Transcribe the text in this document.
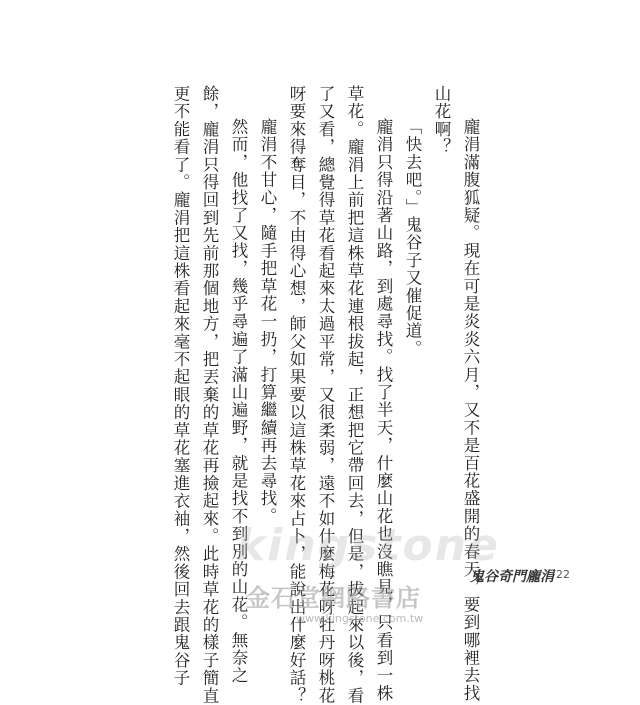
龐涓滿腹狐疑。現在可是炎炎六月，又不是百花盛開的春天，要到哪裡去找

山花啊？

「快去吧。」鬼谷子又催促道。

龐涓只得沿著山路，到處尋找。找了半天，什麼山花也沒瞧見，只看到一株

草花。龐涓上前把這株草花連根拔起，正想把它帶回去，但是，拔起來以後，看

了又看，總覺得草花看起來太過平常，又很柔弱，遠不如什麼梅花呀牡丹呀桃花

呀要來得奪目，不由得心想，師父如果要以這株草花來占卜，能說出什麼好話？

龐涓不甘心，隨手把草花一扔，打算繼續再去尋找。

然而，他找了又找，幾乎尋遍了滿山遍野，就是找不到別的山花。無奈之

餘，龐涓只得回到先前那個地方，把丟棄的草花再撿起來。此時草花的樣子簡直

更不能看了。龐涓把這株看起來毫不起眼的草花塞進衣袖，然後回去跟鬼谷子 kingstone
金石堂網路書店
www.kingstone.com.tw
鬼谷奇門龐涓 22
